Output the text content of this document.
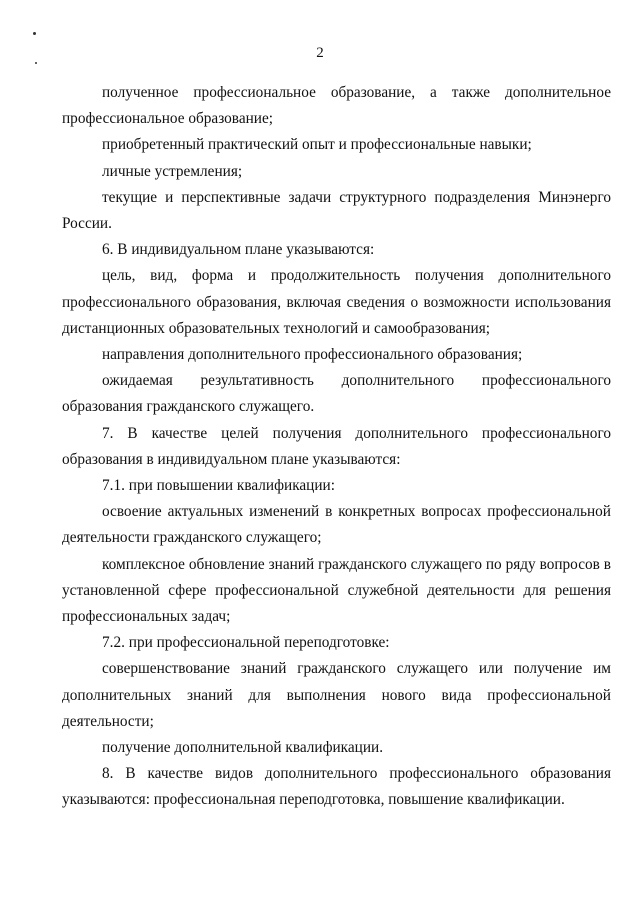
2

полученное профессиональное образование, а также дополнительное профессиональное образование;

приобретенный практический опыт и профессиональные навыки;

личные устремления;

текущие и перспективные задачи структурного подразделения Минэнерго России.

6. В индивидуальном плане указываются:

цель, вид, форма и продолжительность получения дополнительного профессионального образования, включая сведения о возможности использования дистанционных образовательных технологий и самообразования;

направления дополнительного профессионального образования;

ожидаемая результативность дополнительного профессионального образования гражданского служащего.

7. В качестве целей получения дополнительного профессионального образования в индивидуальном плане указываются:

7.1. при повышении квалификации:

освоение актуальных изменений в конкретных вопросах профессиональной деятельности гражданского служащего;

комплексное обновление знаний гражданского служащего по ряду вопросов в установленной сфере профессиональной служебной деятельности для решения профессиональных задач;

7.2. при профессиональной переподготовке:

совершенствование знаний гражданского служащего или получение им дополнительных знаний для выполнения нового вида профессиональной деятельности;

получение дополнительной квалификации.

8. В качестве видов дополнительного профессионального образования указываются: профессиональная переподготовка, повышение квалификации.
